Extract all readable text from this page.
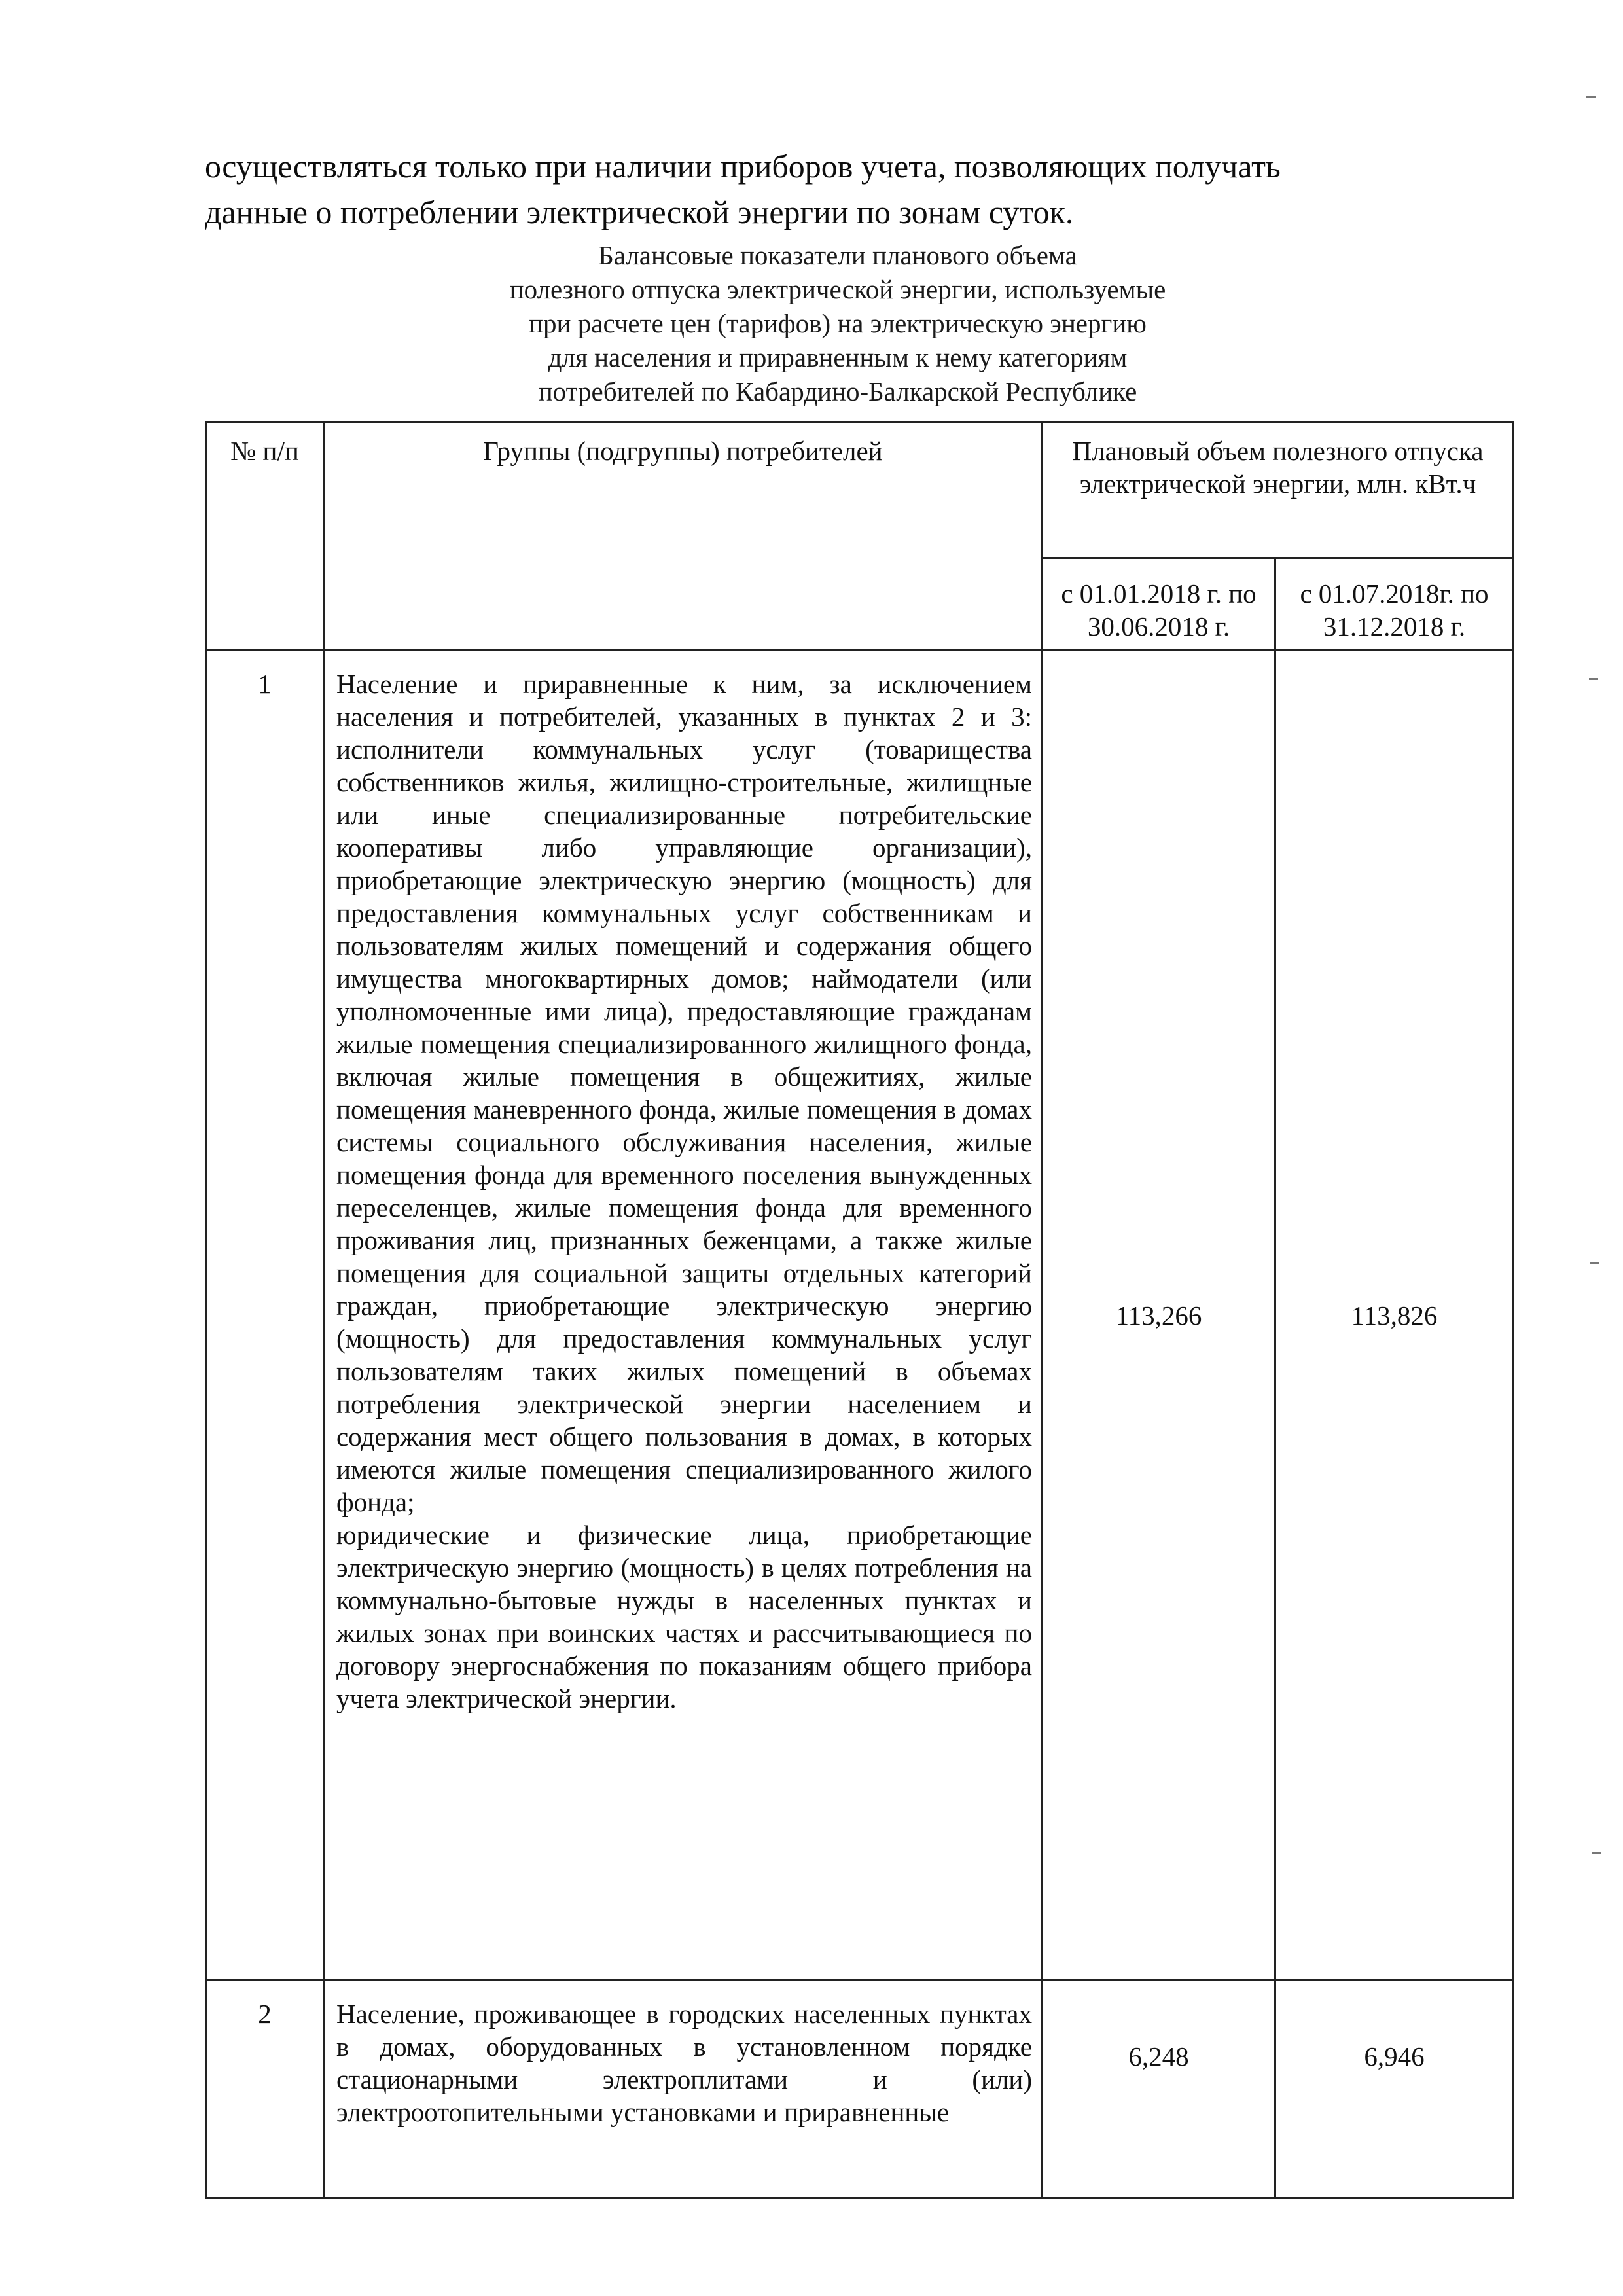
осуществляться только при наличии приборов учета, позволяющих получать
данные о потреблении электрической энергии по зонам суток.
Балансовые показатели планового объема
полезного отпуска электрической энергии, используемые
при расчете цен (тарифов) на электрическую энергию
для населения и приравненным к нему категориям
потребителей по Кабардино-Балкарской Республике
№ п/п	Группы (подгруппы) потребителей	Плановый объем полезного отпуска электрической энергии, млн. кВт.ч	
		с 01.01.2018 г. по 30.06.2018 г.	с 01.07.2018г. по 31.12.2018 г.
1	Население и приравненные к ним, за исключением населения и потребителей, указанных в пунктах 2 и 3: исполнители коммунальных услуг (товарищества собственников жилья, жилищно-строительные, жилищные или иные специализированные потребительские кооперативы либо управляющие организации), приобретающие электрическую энергию (мощность) для предоставления коммунальных услуг собственникам и пользователям жилых помещений и содержания общего имущества многоквартирных домов; наймодатели (или уполномоченные ими лица), предоставляющие гражданам жилые помещения специализированного жилищного фонда, включая жилые помещения в общежитиях, жилые помещения маневренного фонда, жилые помещения в домах системы социального обслуживания населения, жилые помещения фонда для временного поселения вынужденных переселенцев, жилые помещения фонда для временного проживания лиц, признанных беженцами, а также жилые помещения для социальной защиты отдельных категорий граждан, приобретающие электрическую энергию (мощность) для предоставления коммунальных услуг пользователям таких жилых помещений в объемах потребления электрической энергии населением и содержания мест общего пользования в домах, в которых имеются жилые помещения специализированного жилого фонда;

юридические и физические лица, приобретающие электрическую энергию (мощность) в целях потребления на коммунально-бытовые нужды в населенных пунктах и жилых зонах при воинских частях и рассчитывающиеся по договору энергоснабжения по показаниям общего прибора учета электрической энергии.	113,266	113,826
2	Население, проживающее в городских населенных пунктах в домах, оборудованных в установленном порядке стационарными электроплитами и (или) электроотопительными установками и приравненные	6,248	6,946
